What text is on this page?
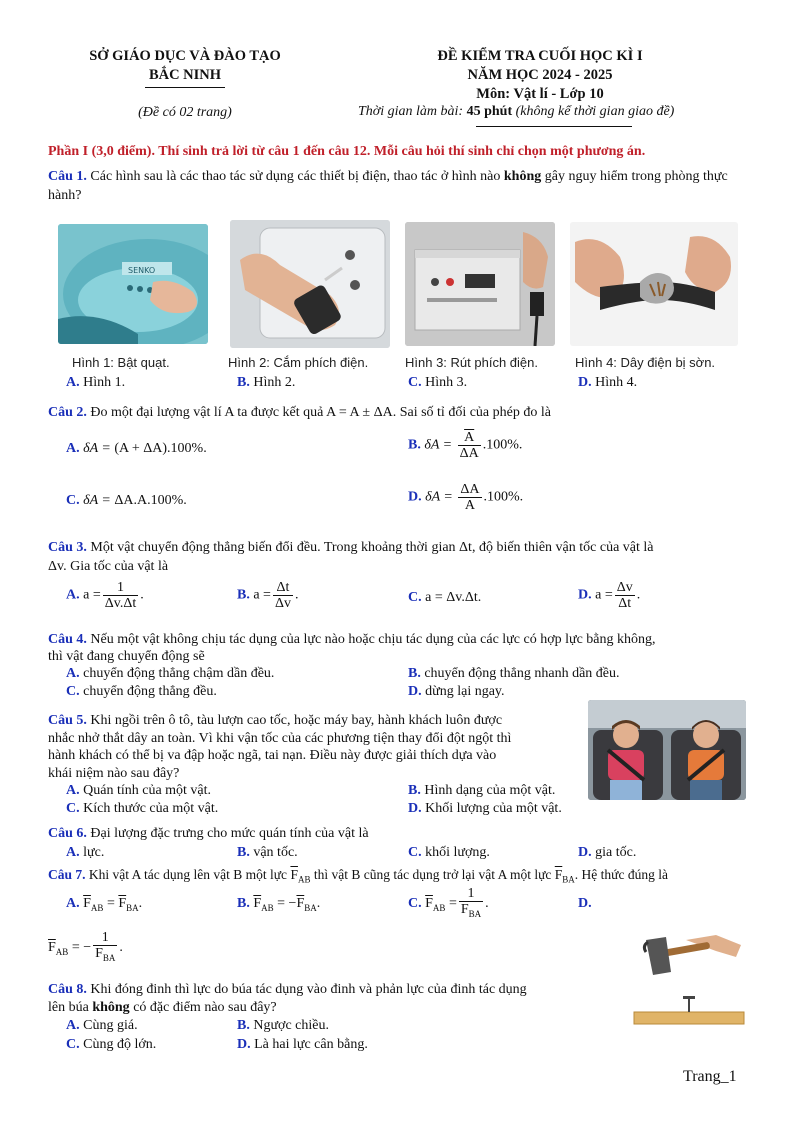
SỞ GIÁO DỤC VÀ ĐÀO TẠO
BẮC NINH
(Đề có 02 trang)
ĐỀ KIỂM TRA CUỐI HỌC KÌ I
NĂM HỌC 2024 - 2025
Môn: Vật lí - Lớp 10
Thời gian làm bài: 45 phút (không kể thời gian giao đề)
Phần I (3,0 điểm). Thí sinh trả lời từ câu 1 đến câu 12. Mỗi câu hỏi thí sinh chỉ chọn một phương án.
Câu 1. Các hình sau là các thao tác sử dụng các thiết bị điện, thao tác ở hình nào không gây nguy hiểm trong phòng thực hành?
SENKO
Hình 1: Bật quạt.	Hình 2: Cắm phích điện.	Hình 3: Rút phích điện.	Hình 4: Dây điện bị sờn.
A. Hình 1.	B. Hình 2.	C. Hình 3.	D. Hình 4.
Câu 2. Đo một đại lượng vật lí A ta được kết quả A = A ± ΔA. Sai số tỉ đối của phép đo là
A. δA = (A + ΔA).100%.	B. $\delta A = \frac{\overline{A}}{\Delta A} .100\%$.
C. δA = ΔA.A.100%.	D. $\delta A = \frac{\Delta A}{A} .100\%$.
Câu 3. Một vật chuyển động thẳng biến đổi đều. Trong khoảng thời gian Δt, độ biến thiên vận tốc của vật là
Δv. Gia tốc của vật là
A. $a = \frac{1}{\Delta v.\Delta t}$ .	B. $a = \frac{\Delta t}{\Delta v}$ .	C. a = Δv.Δt.	D. $a = \frac{\Delta v}{\Delta t}$ .
Câu 4. Nếu một vật không chịu tác dụng của lực nào hoặc chịu tác dụng của các lực có hợp lực bằng không,
thì vật đang chuyển động sẽ
A. chuyển động thẳng chậm dần đều.	B. chuyển động thẳng nhanh dần đều.
C. chuyển động thẳng đều.	D. dừng lại ngay.
Câu 5. Khi ngồi trên ô tô, tàu lượn cao tốc, hoặc máy bay, hành khách luôn được
nhắc nhở thắt dây an toàn. Vì khi vận tốc của các phương tiện thay đổi đột ngột thì
hành khách có thể bị va đập hoặc ngã, tai nạn. Điều này được giải thích dựa vào
khái niệm nào sau đây?
A. Quán tính của một vật.	B. Hình dạng của một vật.
C. Kích thước của một vật.	D. Khối lượng của một vật.
Câu 6. Đại lượng đặc trưng cho mức quán tính của vật là
A. lực.	B. vận tốc.	C. khối lượng.	D. gia tốc.
Câu 7. Khi vật A tác dụng lên vật B một lực $\overline{F}_{AB}$ thì vật B cũng tác dụng trở lại vật A một lực $\overline{F}_{BA}$. Hệ thức đúng là
A. $\overline{F}_{AB} = \overline{F}_{BA}$.	B. $\overline{F}_{AB} = -\overline{F}_{BA}$.	C. $\overline{F}_{AB} = \frac{1}{\overline{F}_{BA}}$ .	D.
$\overline{F}_{AB}$ = − $\frac{1}{\overline{F}_{BA}}$ .
Câu 8. Khi đóng đinh thì lực do búa tác dụng vào đinh và phản lực của đinh tác dụng
lên búa không có đặc điểm nào sau đây?
A. Cùng giá.	B. Ngược chiều.
C. Cùng độ lớn.	D. Là hai lực cân bằng.
Trang_1
